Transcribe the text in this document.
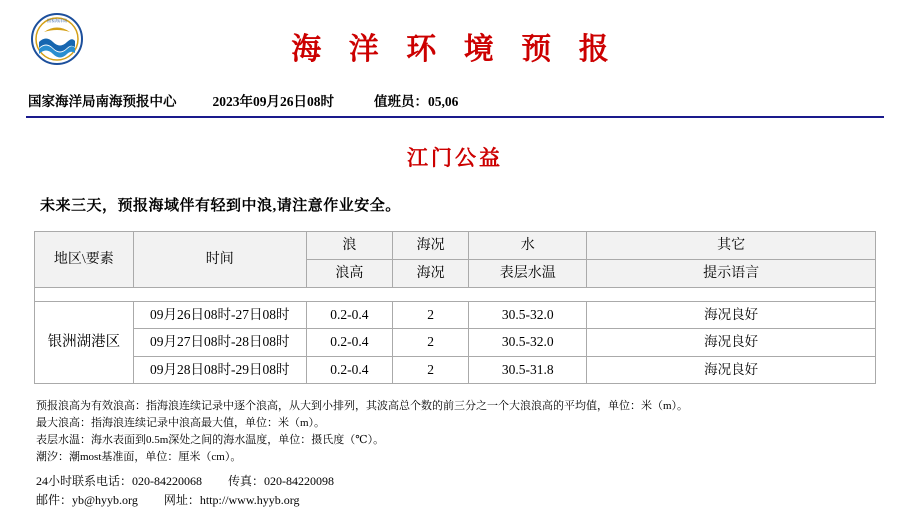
国家海洋局
海 洋 环 境 预 报
国家海洋局南海预报中心	2023年09月26日08时	值班员：05,06
江门公益
未来三天，预报海域伴有轻到中浪,请注意作业安全。
地区\要素	时间	浪	海况	水	其它
		浪高	海况	表层水温	提示语言

银洲湖港区	09月26日08时-27日08时	0.2-0.4	2	30.5-32.0	海况良好
	09月27日08时-28日08时	0.2-0.4	2	30.5-32.0	海况良好
	09月28日08时-29日08时	0.2-0.4	2	30.5-31.8	海况良好
预报浪高为有效浪高：指海浪连续记录中逐个浪高，从大到小排列，其波高总个数的前三分之一个大浪浪高的平均值，单位：米（m）。
最大浪高：指海浪连续记录中浪高最大值，单位：米（m）。
表层水温：海水表面到0.5m深处之间的海水温度，单位：摄氏度（℃）。
潮汐：潮most基准面，单位：厘米（cm）。
24小时联系电话：020-84220068 传真：020-84220098
邮件：yb@hyyb.org 网址：http://www.hyyb.org
